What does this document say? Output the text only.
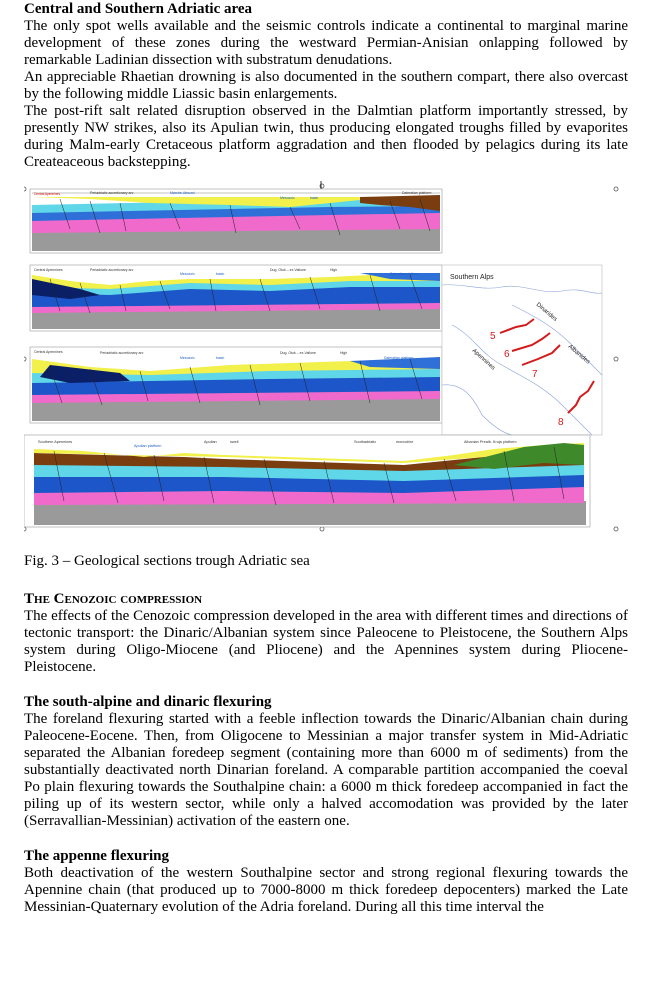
Central and Southern Adriatic area

The only spot wells available and the seismic controls indicate a continental to marginal marine development of these zones during the westward Permian-Anisian onlapping followed by remarkable Ladinian dissection with substratum denudations.

An appreciable Rhaetian drowning is also documented in the southern compart, there also overcast by the following middle Liassic basin enlargements.

The post-rift salt related disruption observed in the Dalmtian platform importantly stressed, by presently NW strikes, also its Apulian twin, thus producing elongated troughs filled by evaporites during Malm-early Cretaceous platform aggradation and then flooded by pelagics during its late Createaceous backstepping.

Central Apennines	Periadriatic accretionary arc	Marche-Abruzzi
Mesozoic	basin
Dalmatian platform
Central Apennines	Periadriatic accretionary arc
Mesozoic	basin
Dug. Otok – ex-Vallone	High
Dalmatian platform
Central Apennines	Periadriatic accretionary arc
Mesozoic	basin
Dug. Otok – ex-Vallone	High
Dalmatian platform
Southern Alps
Dinarides
Albanides
Apennines
5
6
7
8
Southern Apennines
Apulian platform
Apulian	swell	Southadriatic	monocline	Albanian Prealb. Kruja platform
Fig. 3 – Geological sections trough Adriatic sea
The Cenozoic compression

The effects of the Cenozoic compression developed in the area with different times and directions of tectonic transport: the Dinaric/Albanian system since Paleocene to Pleistocene, the Southern Alps system during Oligo-Miocene (and Pliocene) and the Apennines system during Pliocene-Pleistocene.

The south-alpine and dinaric flexuring

The foreland flexuring started with a feeble inflection towards the Dinaric/Albanian chain during Paleocene-Eocene. Then, from Oligocene to Messinian a major transfer system in Mid-Adriatic separated the Albanian foredeep segment (containing more than 6000 m of sediments) from the substantially deactivated north Dinarian foreland. A comparable partition accompanied the coeval Po plain flexuring towards the Southalpine chain: a 6000 m thick foredeep accompanied in fact the piling up of its western sector, while only a halved accomodation was provided by the later (Serravallian-Messinian) activation of the eastern one.

The appenne flexuring

Both deactivation of the western Southalpine sector and strong regional flexuring towards the Apennine chain (that produced up to 7000-8000 m thick foredeep depocenters) marked the Late Messinian-Quaternary evolution of the Adria foreland. During all this time interval the
